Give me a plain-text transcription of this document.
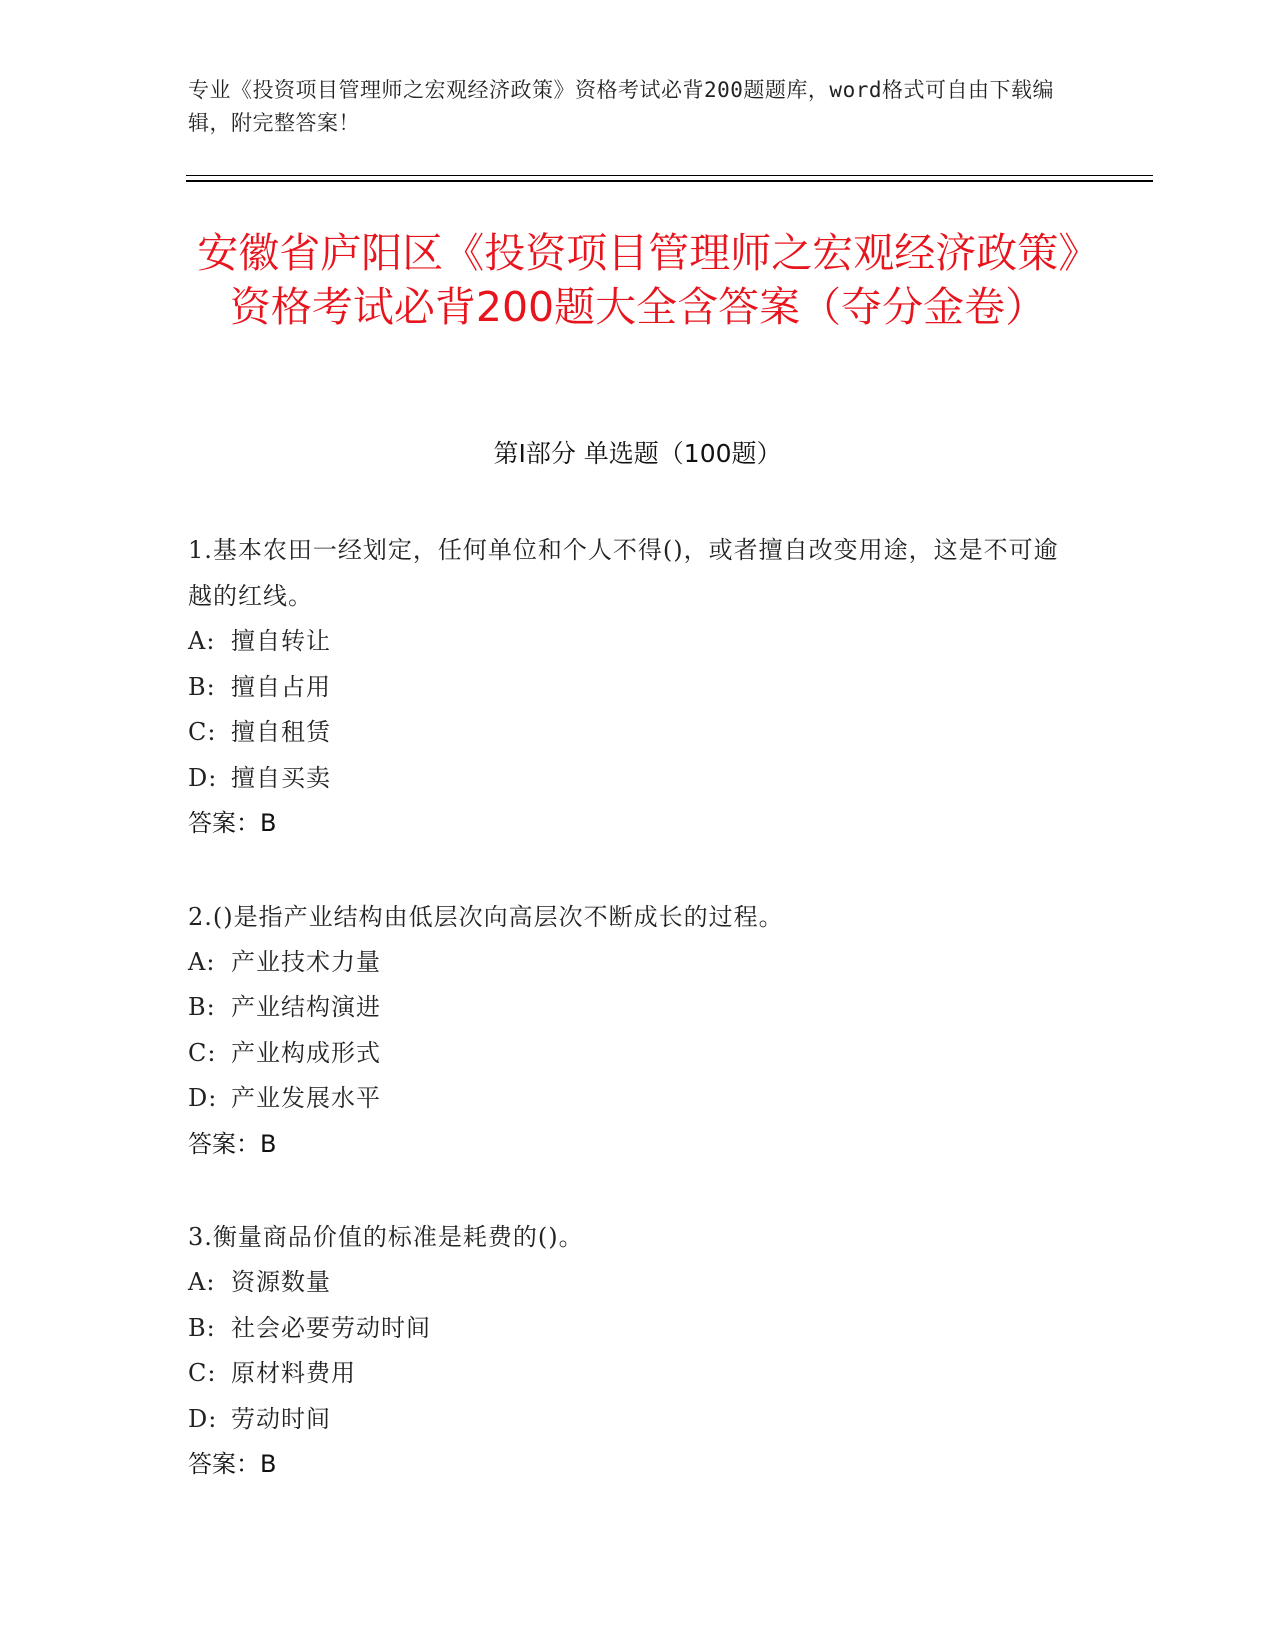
专业《投资项目管理师之宏观经济政策》资格考试必背200题题库，word格式可自由下载编辑，附完整答案！
安徽省庐阳区《投资项目管理师之宏观经济政策》资格考试必背200题大全含答案（夺分金卷）
第I部分 单选题（100题）
1.基本农田一经划定，任何单位和个人不得()，或者擅自改变用途，这是不可逾越的红线。
A: 擅自转让
B: 擅自占用
C: 擅自租赁
D: 擅自买卖
答案：B
2.()是指产业结构由低层次向高层次不断成长的过程。
A: 产业技术力量
B: 产业结构演进
C: 产业构成形式
D: 产业发展水平
答案：B
3.衡量商品价值的标准是耗费的()。
A: 资源数量
B: 社会必要劳动时间
C: 原材料费用
D: 劳动时间
答案：B
